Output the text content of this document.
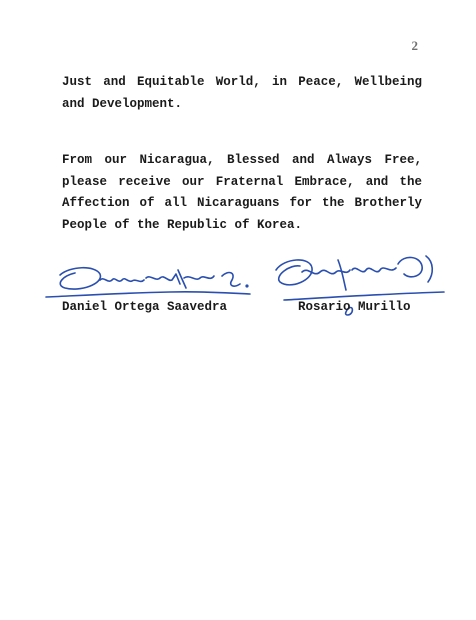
2
Just and Equitable World, in Peace, Wellbeing
and Development.
From our Nicaragua, Blessed and Always Free,
please receive our Fraternal Embrace, and the
Affection of all Nicaraguans for the Brotherly
People of the Republic of Korea.
Daniel Ortega Saavedra	Rosario Murillo
